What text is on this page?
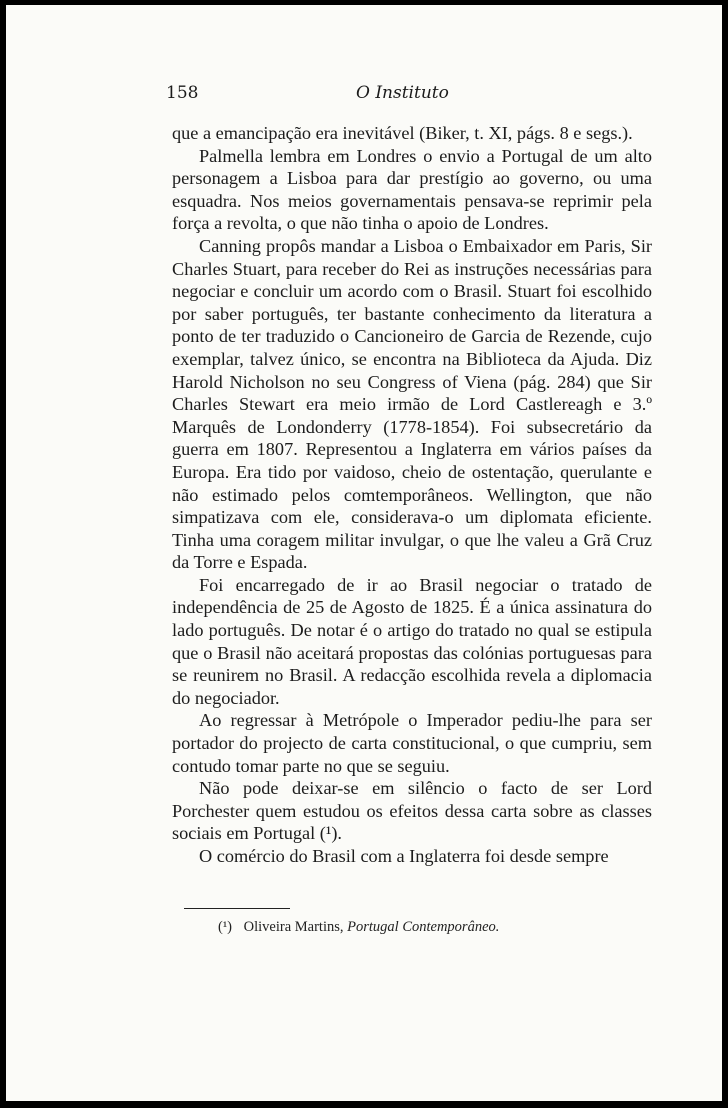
158	O Instituto

que a emancipação era inevitável (Biker, t. XI, págs. 8 e segs.).

Palmella lembra em Londres o envio a Portugal de um alto personagem a Lisboa para dar prestígio ao governo, ou uma esquadra. Nos meios governamentais pensava-se reprimir pela força a revolta, o que não tinha o apoio de Londres.

Canning propôs mandar a Lisboa o Embaixador em Paris, Sir Charles Stuart, para receber do Rei as instruções necessárias para negociar e concluir um acordo com o Brasil. Stuart foi escolhido por saber português, ter bastante conhecimento da literatura a ponto de ter traduzido o Cancioneiro de Garcia de Rezende, cujo exemplar, talvez único, se encontra na Biblioteca da Ajuda. Diz Harold Nicholson no seu Congress of Viena (pág. 284) que Sir Charles Stewart era meio irmão de Lord Castlereagh e 3.º Marquês de Londonderry (1778-1854). Foi subsecretário da guerra em 1807. Representou a Inglaterra em vários países da Europa. Era tido por vaidoso, cheio de ostentação, querulante e não estimado pelos comtemporâneos. Wellington, que não simpatizava com ele, considerava-o um diplomata eficiente. Tinha uma coragem militar invulgar, o que lhe valeu a Grã Cruz da Torre e Espada.

Foi encarregado de ir ao Brasil negociar o tratado de independência de 25 de Agosto de 1825. É a única assinatura do lado português. De notar é o artigo do tratado no qual se estipula que o Brasil não aceitará propostas das colónias portuguesas para se reunirem no Brasil. A redacção escolhida revela a diplomacia do negociador.

Ao regressar à Metrópole o Imperador pediu-lhe para ser portador do projecto de carta constitucional, o que cumpriu, sem contudo tomar parte no que se seguiu.

Não pode deixar-se em silêncio o facto de ser Lord Porchester quem estudou os efeitos dessa carta sobre as classes sociais em Portugal (¹).

O comércio do Brasil com a Inglaterra foi desde sempre

(¹) Oliveira Martins, Portugal Contemporâneo.
